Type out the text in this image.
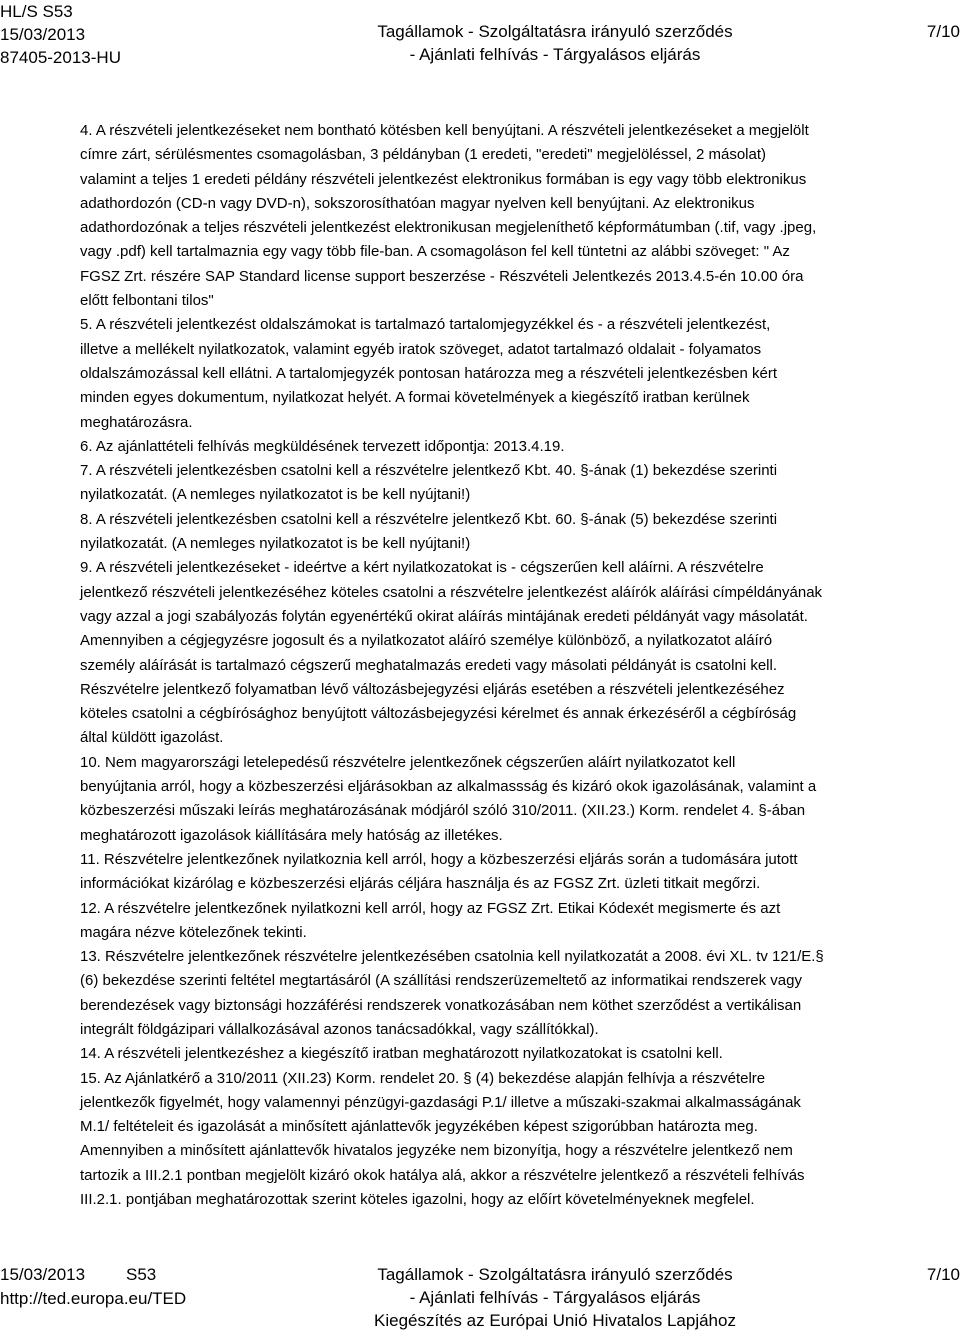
HL/S S53
15/03/2013
87405-2013-HU
Tagállamok - Szolgáltatásra irányuló szerződés
- Ajánlati felhívás - Tárgyalásos eljárás
7/10

4. A részvételi jelentkezéseket nem bontható kötésben kell benyújtani. A részvételi jelentkezéseket a megjelölt
címre zárt, sérülésmentes csomagolásban, 3 példányban (1 eredeti, "eredeti" megjelöléssel, 2 másolat)
valamint a teljes 1 eredeti példány részvételi jelentkezést elektronikus formában is egy vagy több elektronikus
adathordozón (CD-n vagy DVD-n), sokszorosíthatóan magyar nyelven kell benyújtani. Az elektronikus
adathordozónak a teljes részvételi jelentkezést elektronikusan megjeleníthető képformátumban (.tif, vagy .jpeg,
vagy .pdf) kell tartalmaznia egy vagy több file-ban. A csomagoláson fel kell tüntetni az alábbi szöveget: " Az
FGSZ Zrt. részére SAP Standard license support beszerzése - Részvételi Jelentkezés 2013.4.5-én 10.00 óra
előtt felbontani tilos"

5. A részvételi jelentkezést oldalszámokat is tartalmazó tartalomjegyzékkel és - a részvételi jelentkezést,
illetve a mellékelt nyilatkozatok, valamint egyéb iratok szöveget, adatot tartalmazó oldalait - folyamatos
oldalszámozással kell ellátni. A tartalomjegyzék pontosan határozza meg a részvételi jelentkezésben kért
minden egyes dokumentum, nyilatkozat helyét. A formai követelmények a kiegészítő iratban kerülnek
meghatározásra.

6. Az ajánlattételi felhívás megküldésének tervezett időpontja: 2013.4.19.

7. A részvételi jelentkezésben csatolni kell a részvételre jelentkező Kbt. 40. §-ának (1) bekezdése szerinti
nyilatkozatát. (A nemleges nyilatkozatot is be kell nyújtani!)

8. A részvételi jelentkezésben csatolni kell a részvételre jelentkező Kbt. 60. §-ának (5) bekezdése szerinti
nyilatkozatát. (A nemleges nyilatkozatot is be kell nyújtani!)

9. A részvételi jelentkezéseket - ideértve a kért nyilatkozatokat is - cégszerűen kell aláírni. A részvételre
jelentkező részvételi jelentkezéséhez köteles csatolni a részvételre jelentkezést aláírók aláírási címpéldányának
vagy azzal a jogi szabályozás folytán egyenértékű okirat aláírás mintájának eredeti példányát vagy másolatát.
Amennyiben a cégjegyzésre jogosult és a nyilatkozatot aláíró személye különböző, a nyilatkozatot aláíró
személy aláírását is tartalmazó cégszerű meghatalmazás eredeti vagy másolati példányát is csatolni kell.
Részvételre jelentkező folyamatban lévő változásbejegyzési eljárás esetében a részvételi jelentkezéséhez
köteles csatolni a cégbírósághoz benyújtott változásbejegyzési kérelmet és annak érkezéséről a cégbíróság
által küldött igazolást.

10. Nem magyarországi letelepedésű részvételre jelentkezőnek cégszerűen aláírt nyilatkozatot kell
benyújtania arról, hogy a közbeszerzési eljárásokban az alkalmassság és kizáró okok igazolásának, valamint a
közbeszerzési műszaki leírás meghatározásának módjáról szóló 310/2011. (XII.23.) Korm. rendelet 4. §-ában
meghatározott igazolások kiállítására mely hatóság az illetékes.

11. Részvételre jelentkezőnek nyilatkoznia kell arról, hogy a közbeszerzési eljárás során a tudomására jutott
információkat kizárólag e közbeszerzési eljárás céljára használja és az FGSZ Zrt. üzleti titkait megőrzi.

12. A részvételre jelentkezőnek nyilatkozni kell arról, hogy az FGSZ Zrt. Etikai Kódexét megismerte és azt
magára nézve kötelezőnek tekinti.

13. Részvételre jelentkezőnek részvételre jelentkezésében csatolnia kell nyilatkozatát a 2008. évi XL. tv 121/E.§
(6) bekezdése szerinti feltétel megtartásáról (A szállítási rendszerüzemeltető az informatikai rendszerek vagy
berendezések vagy biztonsági hozzáférési rendszerek vonatkozásában nem köthet szerződést a vertikálisan
integrált földgázipari vállalkozásával azonos tanácsadókkal, vagy szállítókkal).

14. A részvételi jelentkezéshez a kiegészítő iratban meghatározott nyilatkozatokat is csatolni kell.

15. Az Ajánlatkérő a 310/2011 (XII.23) Korm. rendelet 20. § (4) bekezdése alapján felhívja a részvételre
jelentkezők figyelmét, hogy valamennyi pénzügyi-gazdasági P.1/ illetve a műszaki-szakmai alkalmasságának
M.1/ feltételeit és igazolását a minősített ajánlattevők jegyzékében képest szigorúbban határozta meg.
Amennyiben a minősített ajánlattevők hivatalos jegyzéke nem bizonyítja, hogy a részvételre jelentkező nem
tartozik a III.2.1 pontban megjelölt kizáró okok hatálya alá, akkor a részvételre jelentkező a részvételi felhívás
III.2.1. pontjában meghatározottak szerint köteles igazolni, hogy az előírt követelményeknek megfelel.

15/03/2013 S53
http://ted.europa.eu/TED
Tagállamok - Szolgáltatásra irányuló szerződés
- Ajánlati felhívás - Tárgyalásos eljárás
Kiegészítés az Európai Unió Hivatalos Lapjához
7/10
